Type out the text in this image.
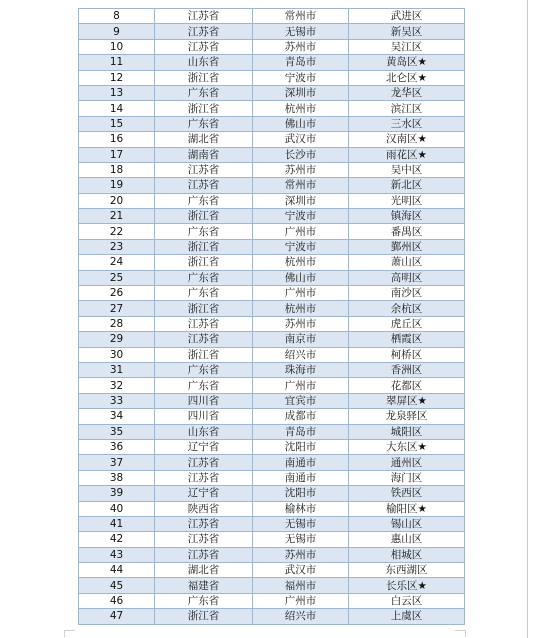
8	江苏省	常州市	武进区
9	江苏省	无锡市	新吴区
10	江苏省	苏州市	吴江区
11	山东省	青岛市	黄岛区★
12	浙江省	宁波市	北仑区★
13	广东省	深圳市	龙华区
14	浙江省	杭州市	滨江区
15	广东省	佛山市	三水区
16	湖北省	武汉市	汉南区★
17	湖南省	长沙市	雨花区★
18	江苏省	苏州市	吴中区
19	江苏省	常州市	新北区
20	广东省	深圳市	光明区
21	浙江省	宁波市	镇海区
22	广东省	广州市	番禺区
23	浙江省	宁波市	鄞州区
24	浙江省	杭州市	萧山区
25	广东省	佛山市	高明区
26	广东省	广州市	南沙区
27	浙江省	杭州市	余杭区
28	江苏省	苏州市	虎丘区
29	江苏省	南京市	栖霞区
30	浙江省	绍兴市	柯桥区
31	广东省	珠海市	香洲区
32	广东省	广州市	花都区
33	四川省	宜宾市	翠屏区★
34	四川省	成都市	龙泉驿区
35	山东省	青岛市	城阳区
36	辽宁省	沈阳市	大东区★
37	江苏省	南通市	通州区
38	江苏省	南通市	海门区
39	辽宁省	沈阳市	铁西区
40	陕西省	榆林市	榆阳区★
41	江苏省	无锡市	锡山区
42	江苏省	无锡市	惠山区
43	江苏省	苏州市	相城区
44	湖北省	武汉市	东西湖区
45	福建省	福州市	长乐区★
46	广东省	广州市	白云区
47	浙江省	绍兴市	上虞区
